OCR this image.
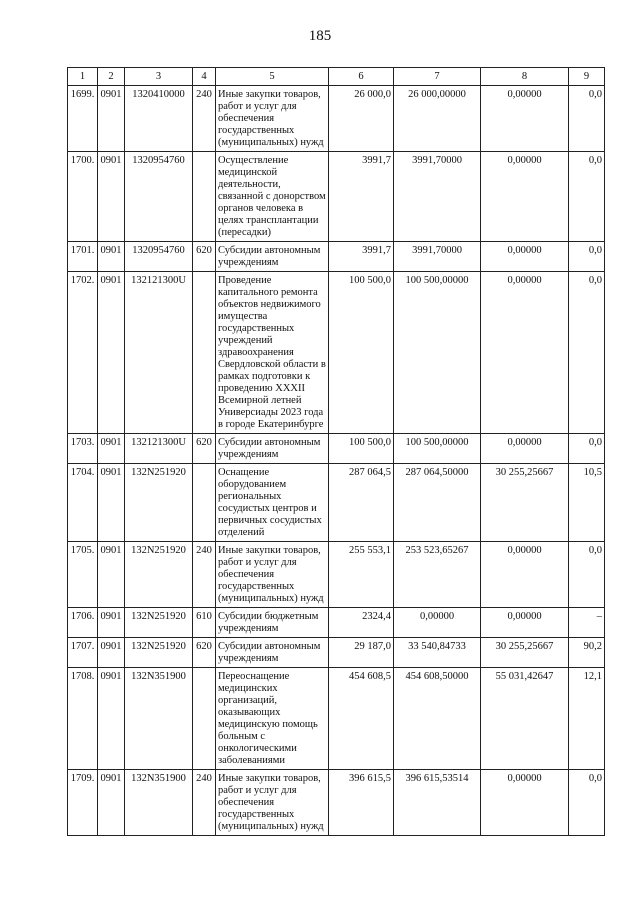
185
1	2	3	4	5	6	7	8	9
1699.	0901	1320410000	240	Иные закупки товаров, работ и услуг для обеспечения государственных (муниципальных) нужд	26 000,0	26 000,00000	0,00000	0,0
1700.	0901	1320954760		Осуществление медицинской деятельности, связанной с донорством органов человека в целях трансплантации (пересадки)	3991,7	3991,70000	0,00000	0,0
1701.	0901	1320954760	620	Субсидии автономным учреждениям	3991,7	3991,70000	0,00000	0,0
1702.	0901	132121300U		Проведение капитального ремонта объектов недвижимого имущества государственных учреждений здравоохранения Свердловской области в рамках подготовки к проведению XXXII Всемирной летней Универсиады 2023 года в городе Екатеринбурге	100 500,0	100 500,00000	0,00000	0,0
1703.	0901	132121300U	620	Субсидии автономным учреждениям	100 500,0	100 500,00000	0,00000	0,0
1704.	0901	132N251920		Оснащение оборудованием региональных сосудистых центров и первичных сосудистых отделений	287 064,5	287 064,50000	30 255,25667	10,5
1705.	0901	132N251920	240	Иные закупки товаров, работ и услуг для обеспечения государственных (муниципальных) нужд	255 553,1	253 523,65267	0,00000	0,0
1706.	0901	132N251920	610	Субсидии бюджетным учреждениям	2324,4	0,00000	0,00000	–
1707.	0901	132N251920	620	Субсидии автономным учреждениям	29 187,0	33 540,84733	30 255,25667	90,2
1708.	0901	132N351900		Переоснащение медицинских организаций, оказывающих медицинскую помощь больным с онкологическими заболеваниями	454 608,5	454 608,50000	55 031,42647	12,1
1709.	0901	132N351900	240	Иные закупки товаров, работ и услуг для обеспечения государственных (муниципальных) нужд	396 615,5	396 615,53514	0,00000	0,0
